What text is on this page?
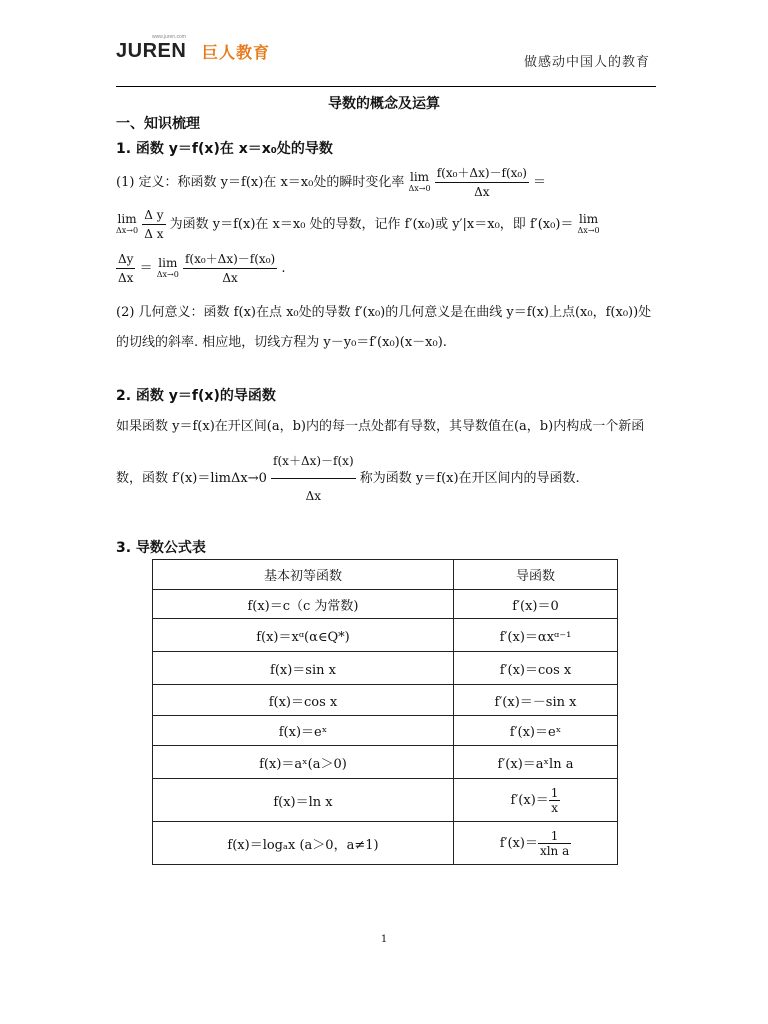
www.juren.com
JUREN 巨人教育
做感动中国人的教育
导数的概念及运算
一、知识梳理
1. 函数 y＝f(x)在 x＝x₀处的导数
(1) 定义：称函数 y＝f(x)在 x＝x₀处的瞬时变化率 lim
Δx→0
$\frac{\text{f(x₀＋Δx)－f(x₀)}}{\Delta x}$ ＝
lim
Δx→0
$\frac{\text{Δ y}}{\text{Δ x}}$ 为函数 y＝f(x)在 x＝x₀ 处的导数，记作 f′(x₀)或 y′|x＝x₀，即 f′(x₀)＝ lim
Δx→0
$\frac{\Delta y}{\Delta x} = \lim$
Δx→0
$\frac{\text{f(x₀＋Δx)－f(x₀)}}{\Delta x}$ .
(2) 几何意义：函数 f(x)在点 x₀处的导数 f′(x₀)的几何意义是在曲线 y＝f(x)上点(x₀，f(x₀))处的切线的斜率. 相应地，切线方程为 y－y₀＝f′(x₀)(x－x₀).
2. 函数 y＝f(x)的导函数
如果函数 y＝f(x)在开区间(a，b)内的每一点处都有导数，其导数值在(a，b)内构成一个新函数，函数 $f'(x)=\lim\Delta x\to 0 \frac{f(x+\Delta x)-f(x)}{\Delta x}$ 称为函数 y＝f(x)在开区间内的导函数.
3. 导数公式表
基本初等函数	导函数
f(x)＝c（c 为常数)	f′(x)＝0
f(x)＝xᵅ(α∈Q*)	f′(x)＝αxᵅ⁻¹
f(x)＝sin x	f′(x)＝cos x
f(x)＝cos x	f′(x)＝－sin x
f(x)＝eˣ	f′(x)＝eˣ
f(x)＝aˣ(a＞0)	f′(x)＝aˣln a
f(x)＝ln x	$f'(x)= \frac{1}{x}$

f(x)＝logₐx (a＞0，a≠1)	$f'(x)= \frac{1}{\text{xln a}}$
1
